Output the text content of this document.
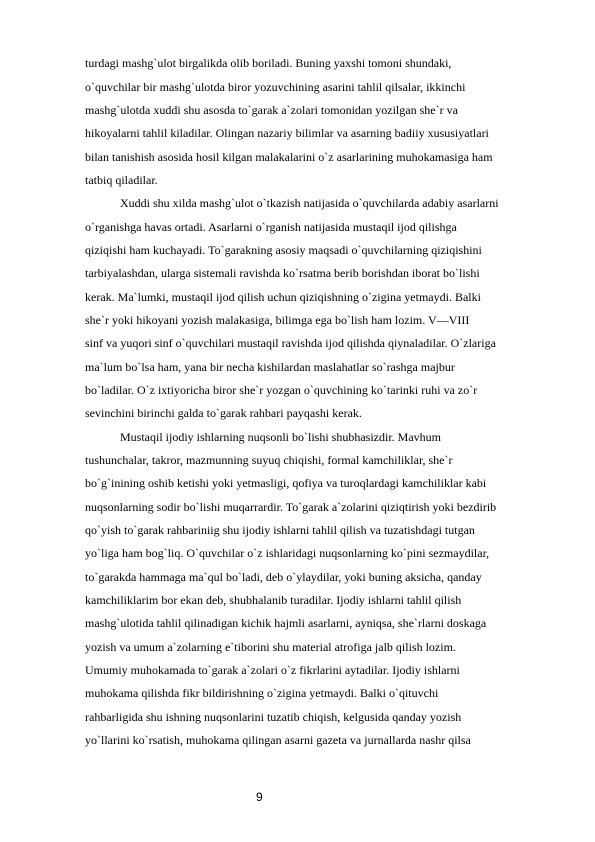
turdagi mashg`ulot birgalikda olib boriladi. Buning yaxshi tomoni shundaki,
o`quvchilar bir mashg`ulotda biror yozuvchining asarini tahlil qilsalar, ikkinchi
mashg`ulotda xuddi shu asosda to`garak a`zolari tomonidan yozilgan she`r va
hikoyalarni tahlil kiladilar. Olingan nazariy bilimlar va asarning badiiy xususiyatlari
bilan tanishish asosida hosil kilgan malakalarini o`z asarlarining muhokamasiga ham
tatbiq qiladilar.
Xuddi shu xilda mashg`ulot o`tkazish natijasida o`quvchilarda adabiy asarlarni
o`rganishga havas ortadi. Asarlarni o`rganish natijasida mustaqil ijod qilishga
qiziqishi ham kuchayadi. To`garakning asosiy maqsadi o`quvchilarning qiziqishini
tarbiyalashdan, ularga sistemali ravishda ko`rsatma berib borishdan iborat bo`lishi
kerak. Ma`lumki, mustaqil ijod qilish uchun qiziqishning o`zigina yetmaydi. Balki
she`r yoki hikoyani yozish malakasiga, bilimga ega bo`lish ham lozim. V—VIII
sinf va yuqori sinf o`quvchilari mustaqil ravishda ijod qilishda qiynaladilar. O`zlariga
ma`lum bo`lsa ham, yana bir necha kishilardan maslahatlar so`rashga majbur
bo`ladilar. O`z ixtiyoricha biror she`r yozgan o`quvchining ko`tarinki ruhi va zo`r
sevinchini birinchi galda to`garak rahbari payqashi kerak.
Mustaqil ijodiy ishlarning nuqsonli bo`lishi shubhasizdir. Mavhum
tushunchalar, takror, mazmunning suyuq chiqishi, formal kamchiliklar, she`r
bo`g`inining oshib ketishi yoki yetmasligi, qofiya va turoqlardagi kamchiliklar kabi
nuqsonlarning sodir bo`lishi muqarrardir. To`garak a`zolarini qiziqtirish yoki bezdirib
qo`yish to`garak rahbariniig shu ijodiy ishlarni tahlil qilish va tuzatishdagi tutgan
yo`liga ham bog`liq. O`quvchilar o`z ishlaridagi nuqsonlarning ko`pini sezmaydilar,
to`garakda hammaga ma`qul bo`ladi, deb o`ylaydilar, yoki buning aksicha, qanday
kamchiliklarim bor ekan deb, shubhalanib turadilar. Ijodiy ishlarni tahlil qilish
mashg`ulotida tahlil qilinadigan kichik hajmli asarlarni, ayniqsa, she`rlarni doskaga
yozish va umum a`zolarning e`tiborini shu material atrofiga jalb qilish lozim.
Umumiy muhokamada to`garak a`zolari o`z fikrlarini aytadilar. Ijodiy ishlarni
muhokama qilishda fikr bildirishning o`zigina yetmaydi. Balki o`qituvchi
rahbarligida shu ishning nuqsonlarini tuzatib chiqish, kelgusida qanday yozish
yo`llarini ko`rsatish, muhokama qilingan asarni gazeta va jurnallarda nashr qilsa
9
